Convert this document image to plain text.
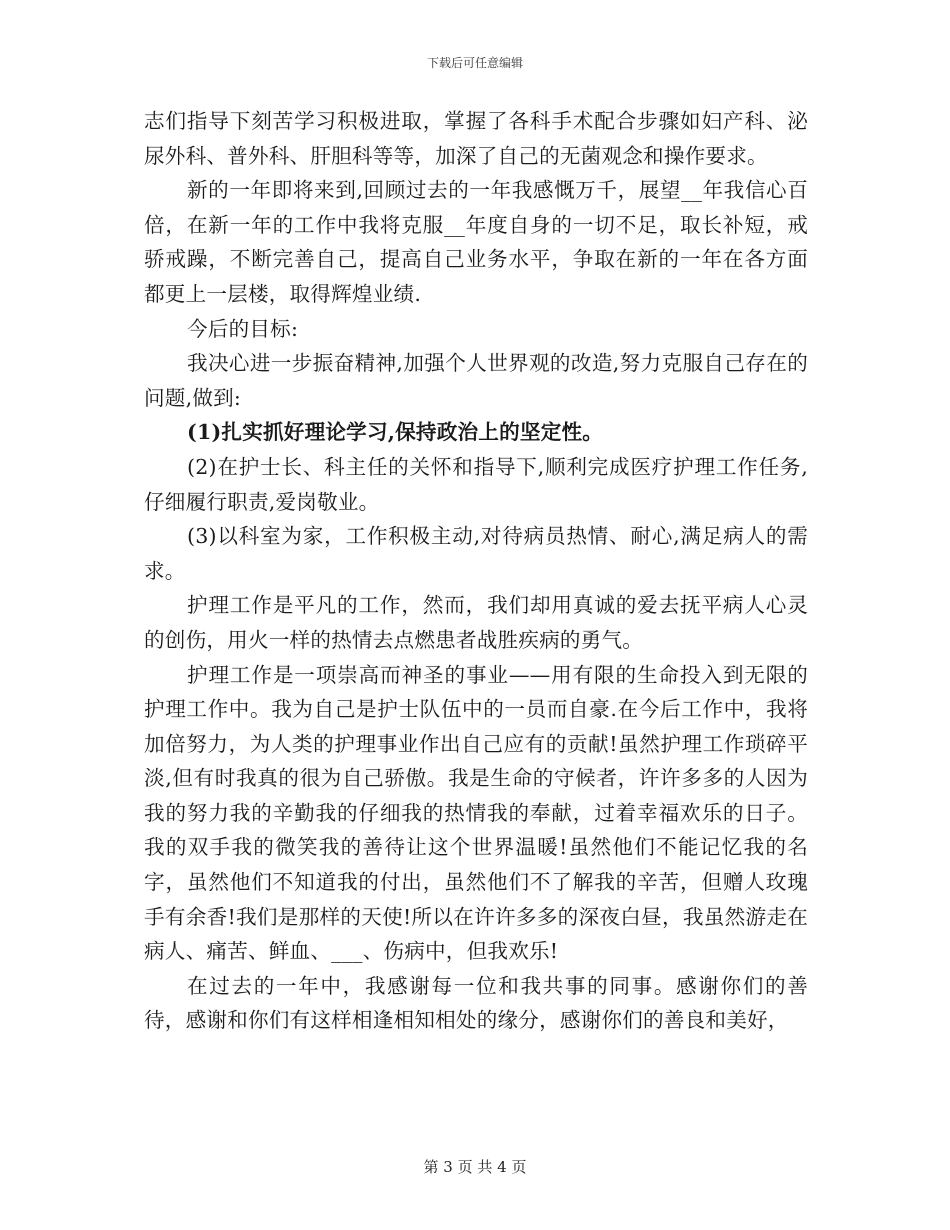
下载后可任意编辑

志们指导下刻苦学习积极进取，掌握了各科手术配合步骤如妇产科、泌尿外科、普外科、肝胆科等等，加深了自己的无菌观念和操作要求。

新的一年即将来到,回顾过去的一年我感慨万千，展望__年我信心百倍，在新一年的工作中我将克服__年度自身的一切不足，取长补短，戒骄戒躁，不断完善自己，提高自己业务水平，争取在新的一年在各方面都更上一层楼，取得辉煌业绩.

今后的目标:

我决心进一步振奋精神,加强个人世界观的改造,努力克服自己存在的问题,做到:

(1)扎实抓好理论学习,保持政治上的坚定性。

(2)在护士长、科主任的关怀和指导下,顺利完成医疗护理工作任务,仔细履行职责,爱岗敬业。

(3)以科室为家，工作积极主动,对待病员热情、耐心,满足病人的需求。

护理工作是平凡的工作，然而，我们却用真诚的爱去抚平病人心灵的创伤，用火一样的热情去点燃患者战胜疾病的勇气。

护理工作是一项崇高而神圣的事业——用有限的生命投入到无限的护理工作中。我为自己是护士队伍中的一员而自豪.在今后工作中，我将加倍努力，为人类的护理事业作出自己应有的贡献!虽然护理工作琐碎平淡,但有时我真的很为自己骄傲。我是生命的守候者，许许多多的人因为我的努力我的辛勤我的仔细我的热情我的奉献，过着幸福欢乐的日子。我的双手我的微笑我的善待让这个世界温暖!虽然他们不能记忆我的名字，虽然他们不知道我的付出，虽然他们不了解我的辛苦，但赠人玫瑰手有余香!我们是那样的天使!所以在许许多多的深夜白昼，我虽然游走在病人、痛苦、鲜血、___、伤病中，但我欢乐!

在过去的一年中，我感谢每一位和我共事的同事。感谢你们的善待，感谢和你们有这样相逢相知相处的缘分，感谢你们的善良和美好，

第 3 页 共 4 页
